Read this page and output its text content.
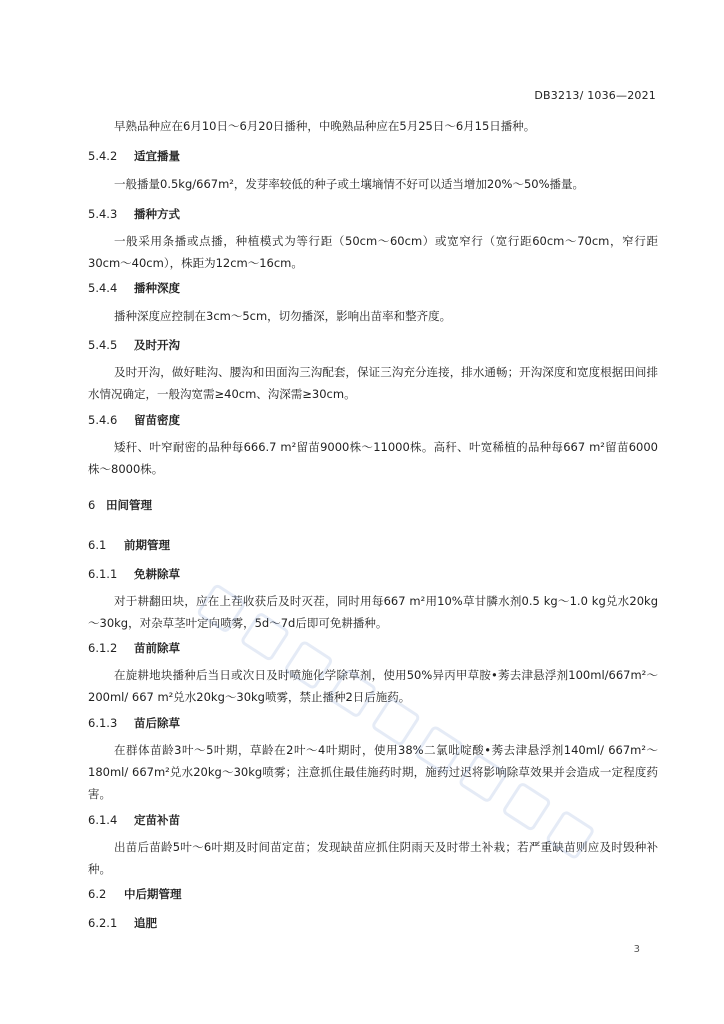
DB3213/ 1036—2021
早熟品种应在6月10日～6月20日播种，中晚熟品种应在5月25日～6月15日播种。
5.4.2 适宜播量
一般播量0.5kg/667m²，发芽率较低的种子或土壤墒情不好可以适当增加20%～50%播量。
5.4.3 播种方式
一般采用条播或点播，种植模式为等行距（50cm～60cm）或宽窄行（宽行距60cm～70cm，窄行距30cm～40cm），株距为12cm～16cm。
5.4.4 播种深度
播种深度应控制在3cm～5cm，切勿播深，影响出苗率和整齐度。
5.4.5 及时开沟
及时开沟，做好畦沟、腰沟和田面沟三沟配套，保证三沟充分连接，排水通畅；开沟深度和宽度根据田间排水情况确定，一般沟宽需≥40cm、沟深需≥30cm。
5.4.6 留苗密度
矮秆、叶窄耐密的品种每666.7 m²留苗9000株～11000株。高秆、叶宽稀植的品种每667 m²留苗6000株～8000株。
6 田间管理
6.1 前期管理
6.1.1 免耕除草
对于耕翻田块，应在上茬收获后及时灭茬，同时用每667 m²用10%草甘膦水剂0.5 kg～1.0 kg兑水20kg～30kg，对杂草茎叶定向喷雾，5d～7d后即可免耕播种。
6.1.2 苗前除草
在旋耕地块播种后当日或次日及时喷施化学除草剂，使用50%异丙甲草胺•莠去津悬浮剂100ml/667m²～200ml/ 667 m²兑水20kg～30kg喷雾，禁止播种2日后施药。
6.1.3 苗后除草
在群体苗龄3叶～5叶期，草龄在2叶～4叶期时，使用38%二氯吡啶酸•莠去津悬浮剂140ml/ 667m²～180ml/ 667m²兑水20kg～30kg喷雾；注意抓住最佳施药时期，施药过迟将影响除草效果并会造成一定程度药害。
6.1.4 定苗补苗
出苗后苗龄5叶～6叶期及时间苗定苗；发现缺苗应抓住阴雨天及时带土补栽；若严重缺苗则应及时毁种补种。
6.2 中后期管理
6.2.1 追肥
3
